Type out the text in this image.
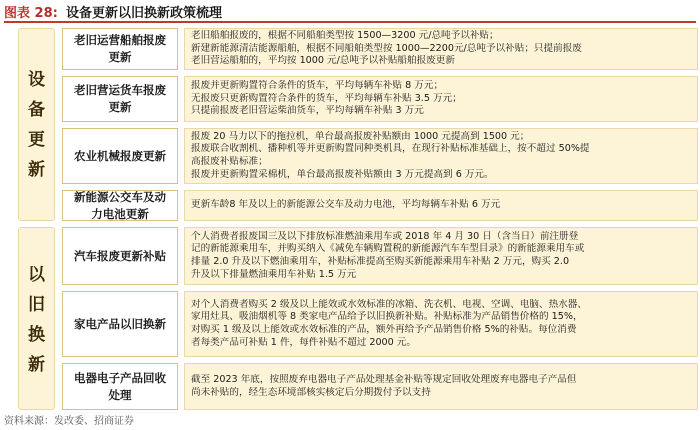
图表 28: 设备更新以旧换新政策梳理
设
备
更
新
以
旧
换
新
老旧运营船舶报废更新
老旧船舶报废的，根据不同船舶类型按 1500—3200 元/总吨予以补贴；
新建新能源清洁能源船舶，根据不同船舶类型按 1000—2200元/总吨予以补贴；只提前报废
老旧营运船舶的，平均按 1000 元/总吨予以补贴船舶报废更新
老旧营运货车报废更新
报废并更新购置符合条件的货车，平均每辆车补贴 8 万元；
无报废只更新购置符合条件的货车，平均每辆车补贴 3.5 万元；
只提前报废老旧营运柴油货车，平均每辆车补贴 3 万元
农业机械报废更新
报废 20 马力以下的拖拉机，单台最高报废补贴额由 1000 元提高到 1500 元；
报废联合收割机、播种机等并更新购置同种类机具，在现行补贴标准基础上，按不超过 50%提
高报废补贴标准；
报废并更新购置采棉机，单台最高报废补贴额由 3 万元提高到 6 万元。
新能源公交车及动力电池更新
更新车龄8 年及以上的新能源公交车及动力电池，平均每辆车补贴 6 万元
汽车报废更新补贴
个人消费者报废国三及以下排放标准燃油乘用车或 2018 年 4 月 30 日（含当日）前注册登
记的新能源乘用车，并购买纳入《减免车辆购置税的新能源汽车车型目录》的新能源乘用车或
排量 2.0 升及以下燃油乘用车，补贴标准提高至购买新能源乘用车补贴 2 万元，购买 2.0
升及以下排量燃油乘用车补贴 1.5 万元
家电产品以旧换新
对个人消费者购买 2 级及以上能效或水效标准的冰箱、洗衣机、电视、空调、电脑、热水器、
家用灶具、吸油烟机等 8 类家电产品给予以旧换新补贴。补贴标准为产品销售价格的 15%，
对购买 1 级及以上能效或水效标准的产品，额外再给予产品销售价格 5%的补贴。每位消费
者每类产品可补贴 1 件，每件补贴不超过 2000 元。
电器电子产品回收处理
截至 2023 年底，按照废弃电器电子产品处理基金补贴等规定回收处理废弃电器电子产品但
尚未补贴的，经生态环境部核实核定后分期拨付予以支持
资料来源：发改委、招商证券
